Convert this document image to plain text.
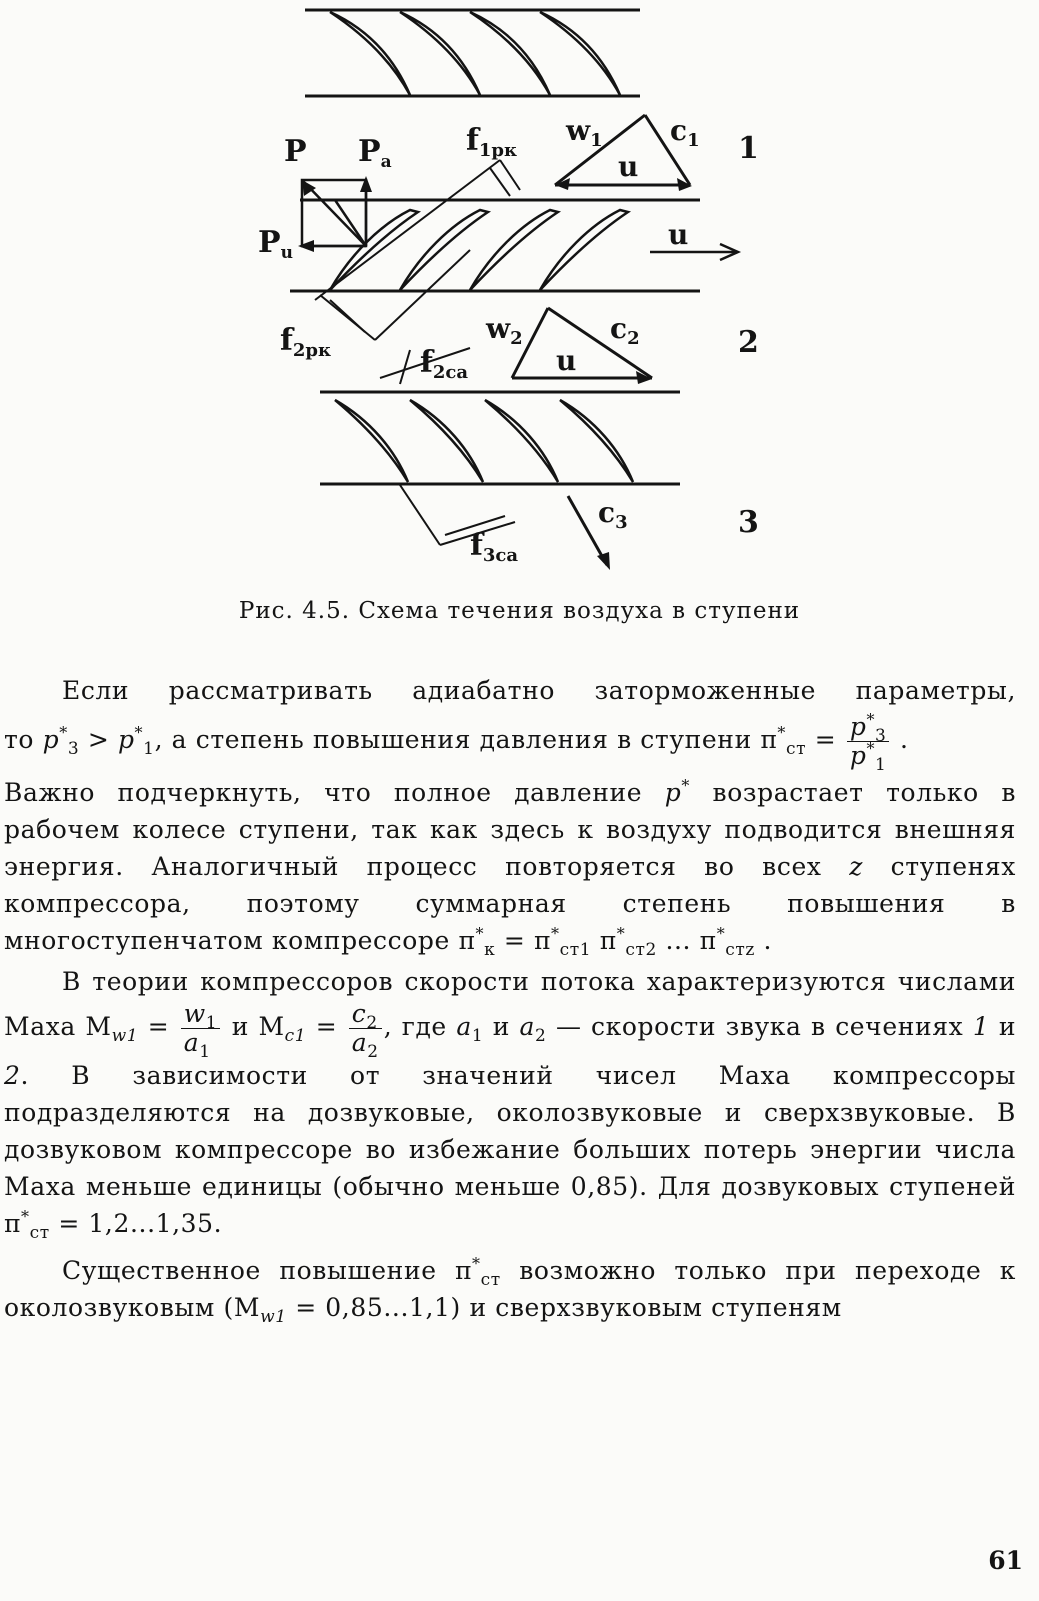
P $P_a$
$P_u$
$f_{1рк}$
$w_1$ $c_1$
u
1
u
$f_{2рк}$
$w_2$	$c_2$
u
2
$f_{2са}$
$f_{3са}$
$c_3$	3
Рис. 4.5. Схема течения воздуха в ступени

Если рассматривать адиабатно заторможенные параметры,

то $p^*_3 > p^*_1$, а степень повышения давления в ступени $\pi^*_{ст} = \frac{p^*_3}{p^*_1}$ .

Важно подчеркнуть, что полное давление p* возрастает только в рабочем колесе ступени, так как здесь к воздуху подводится внешняя энергия. Аналогичный процесс повторяется во всех z ступенях компрессора, поэтому суммарная степень повышения в многоступенчатом компрессоре $\pi^*_к = \pi^*_{ст1}$ $\pi^*_{ст2}$ ... $\pi^*_{стz}$ .

В теории компрессоров скорости потока характеризуются числами Маха $M_{w1} = \frac{w_1}{a_1}$ и $M_{c1} = \frac{c_2}{a_2}$ , где $a_1$ и $a_2$ — скорости звука в сечениях 1 и 2. В зависимости от значений чисел Маха компрессоры подразделяются на дозвуковые, околозвуковые и сверхзвуковые. В дозвуковом компрессоре во избежание больших потерь энергии числа Маха меньше единицы (обычно меньше 0,85). Для дозвуковых ступеней $\pi^*_{ст} = 1,2...1,35$.

Существенное повышение $\pi^*_{ст}$ возможно только при переходе к околозвуковым $(M_{w1} = 0,85...1,1)$ и сверхзвуковым ступеням

61
